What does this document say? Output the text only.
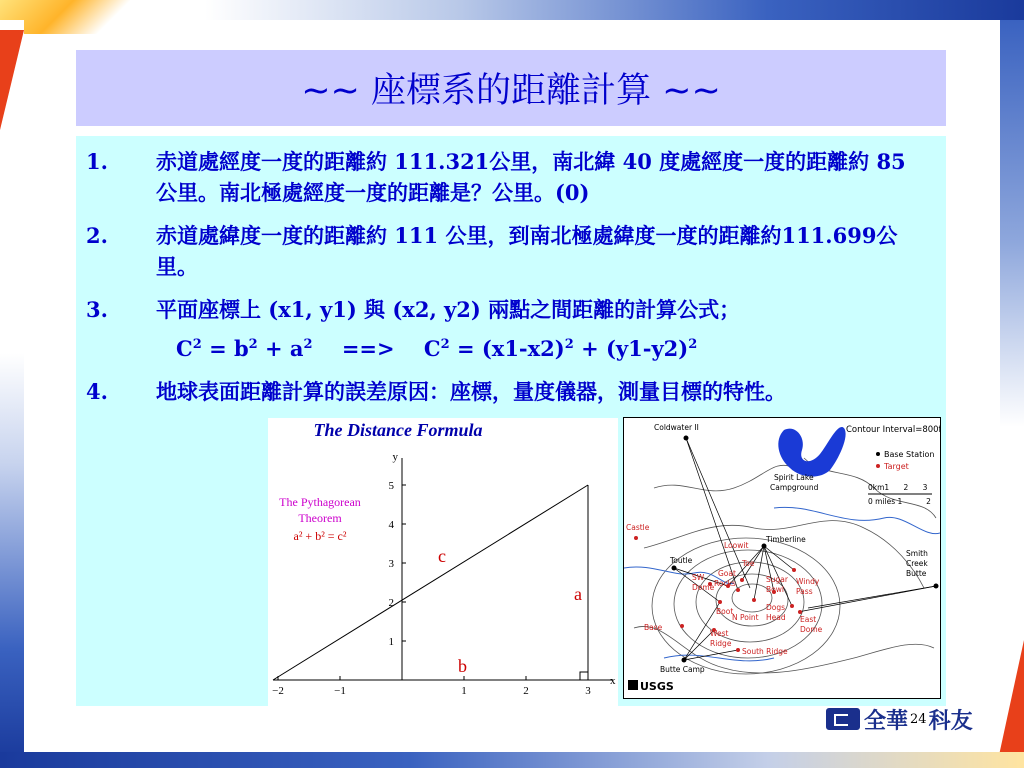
~~ 座標系的距離計算 ~~
1. 赤道處經度一度的距離約 111.321公里，南北緯 40 度處經度一度的距離約 85 公里。南北極處經度一度的距離是？公里。(0)
2. 赤道處緯度一度的距離約 111 公里，到南北極處緯度一度的距離約111.699公里。
3. 平面座標上 (x1, y1) 與 (x2, y2) 兩點之間距離的計算公式；
$C^2 = b^2 + a^2$    ==>    $C^2 = (x1-x2)^2 + (y1-y2)^2$
4. 地球表面距離計算的誤差原因：座標，量度儀器，測量目標的特性。
The Distance Formula
−2	−1	1	2	3
x
1
2
3
4
5
y
The Pythagorean
Theorem
a² + b² = c²
c
a
b
Contour Interval=800ft.
Base Station
Target
0km1      2      3
0 miles 1          2
Spirit Lake
Campground
Coldwater II
Timberline
Toutle
Smith
Creek
Butte
Butte Camp
Castle
Loowit
Toe
Goat
Rocks	Sugar
Bowl
Windy
Pass
Boot
N Point
Dogs
Head
West
Ridge
East
Dome
Base
South Ridge
SW
Dome
USGS
全華 24 科友
